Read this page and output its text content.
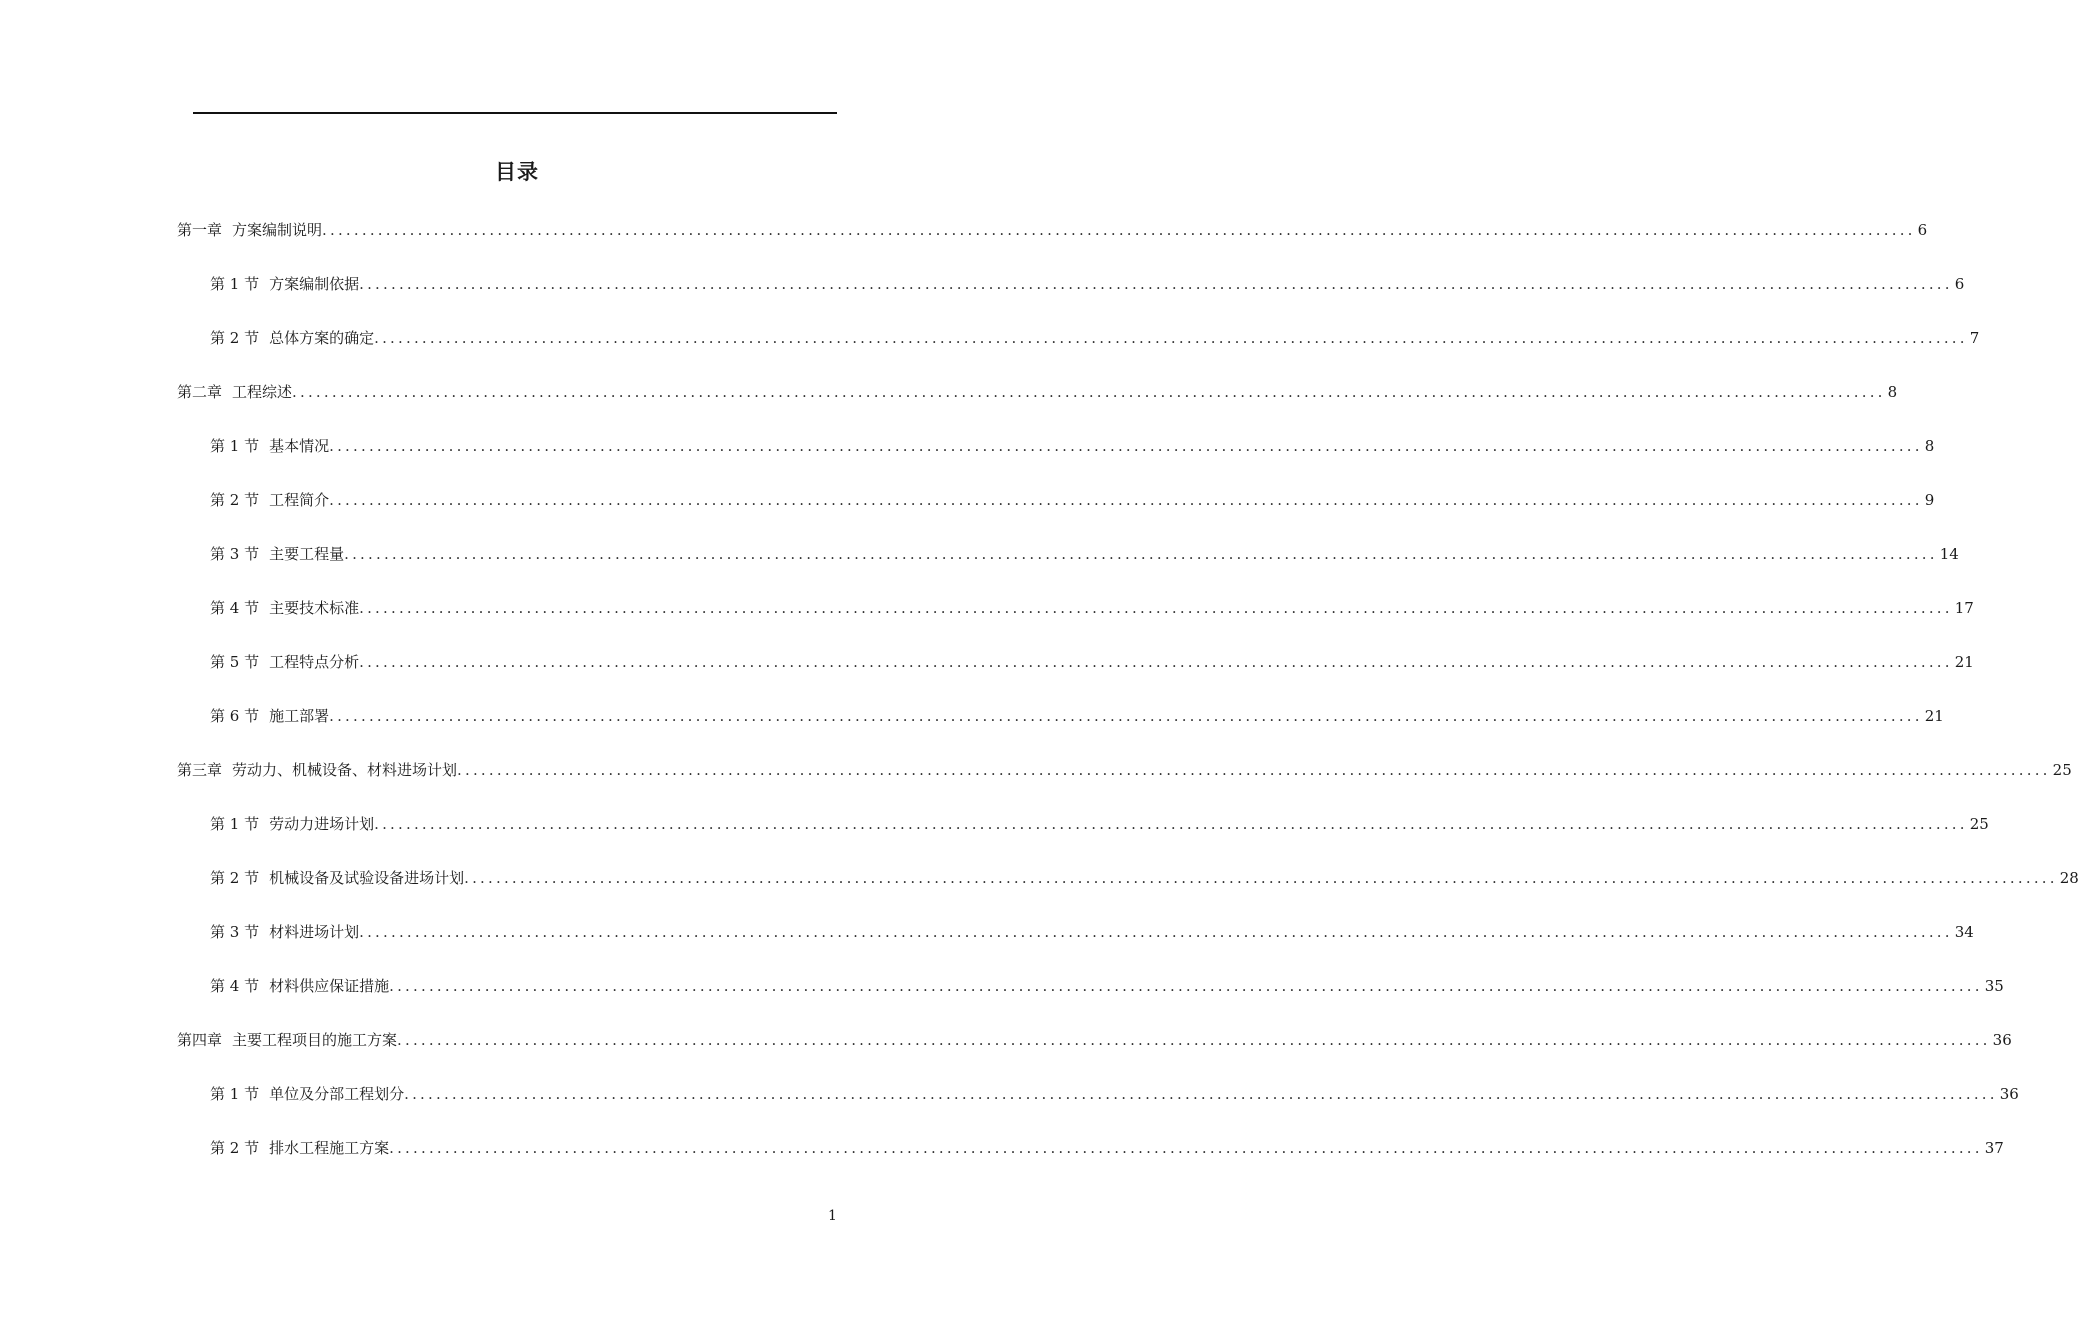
目录
第一章 方案编制说明 ........................................................................................................................................................................................................ 6
第 1 节 方案编制依据 ........................................................................................................................................................................................................ 6
第 2 节 总体方案的确定 ........................................................................................................................................................................................................ 7
第二章 工程综述 ........................................................................................................................................................................................................ 8
第 1 节 基本情况 ........................................................................................................................................................................................................ 8
第 2 节 工程简介 ........................................................................................................................................................................................................ 9
第 3 节 主要工程量 ........................................................................................................................................................................................................ 14
第 4 节 主要技术标准 ........................................................................................................................................................................................................ 17
第 5 节 工程特点分析 ........................................................................................................................................................................................................ 21
第 6 节 施工部署 ........................................................................................................................................................................................................ 21
第三章 劳动力、机械设备、材料进场计划 ........................................................................................................................................................................................................ 25
第 1 节 劳动力进场计划 ........................................................................................................................................................................................................ 25
第 2 节 机械设备及试验设备进场计划 ........................................................................................................................................................................................................ 28
第 3 节 材料进场计划 ........................................................................................................................................................................................................ 34
第 4 节 材料供应保证措施 ........................................................................................................................................................................................................ 35
第四章 主要工程项目的施工方案 ........................................................................................................................................................................................................ 36
第 1 节 单位及分部工程划分 ........................................................................................................................................................................................................ 36
第 2 节 排水工程施工方案 ........................................................................................................................................................................................................ 37
1
